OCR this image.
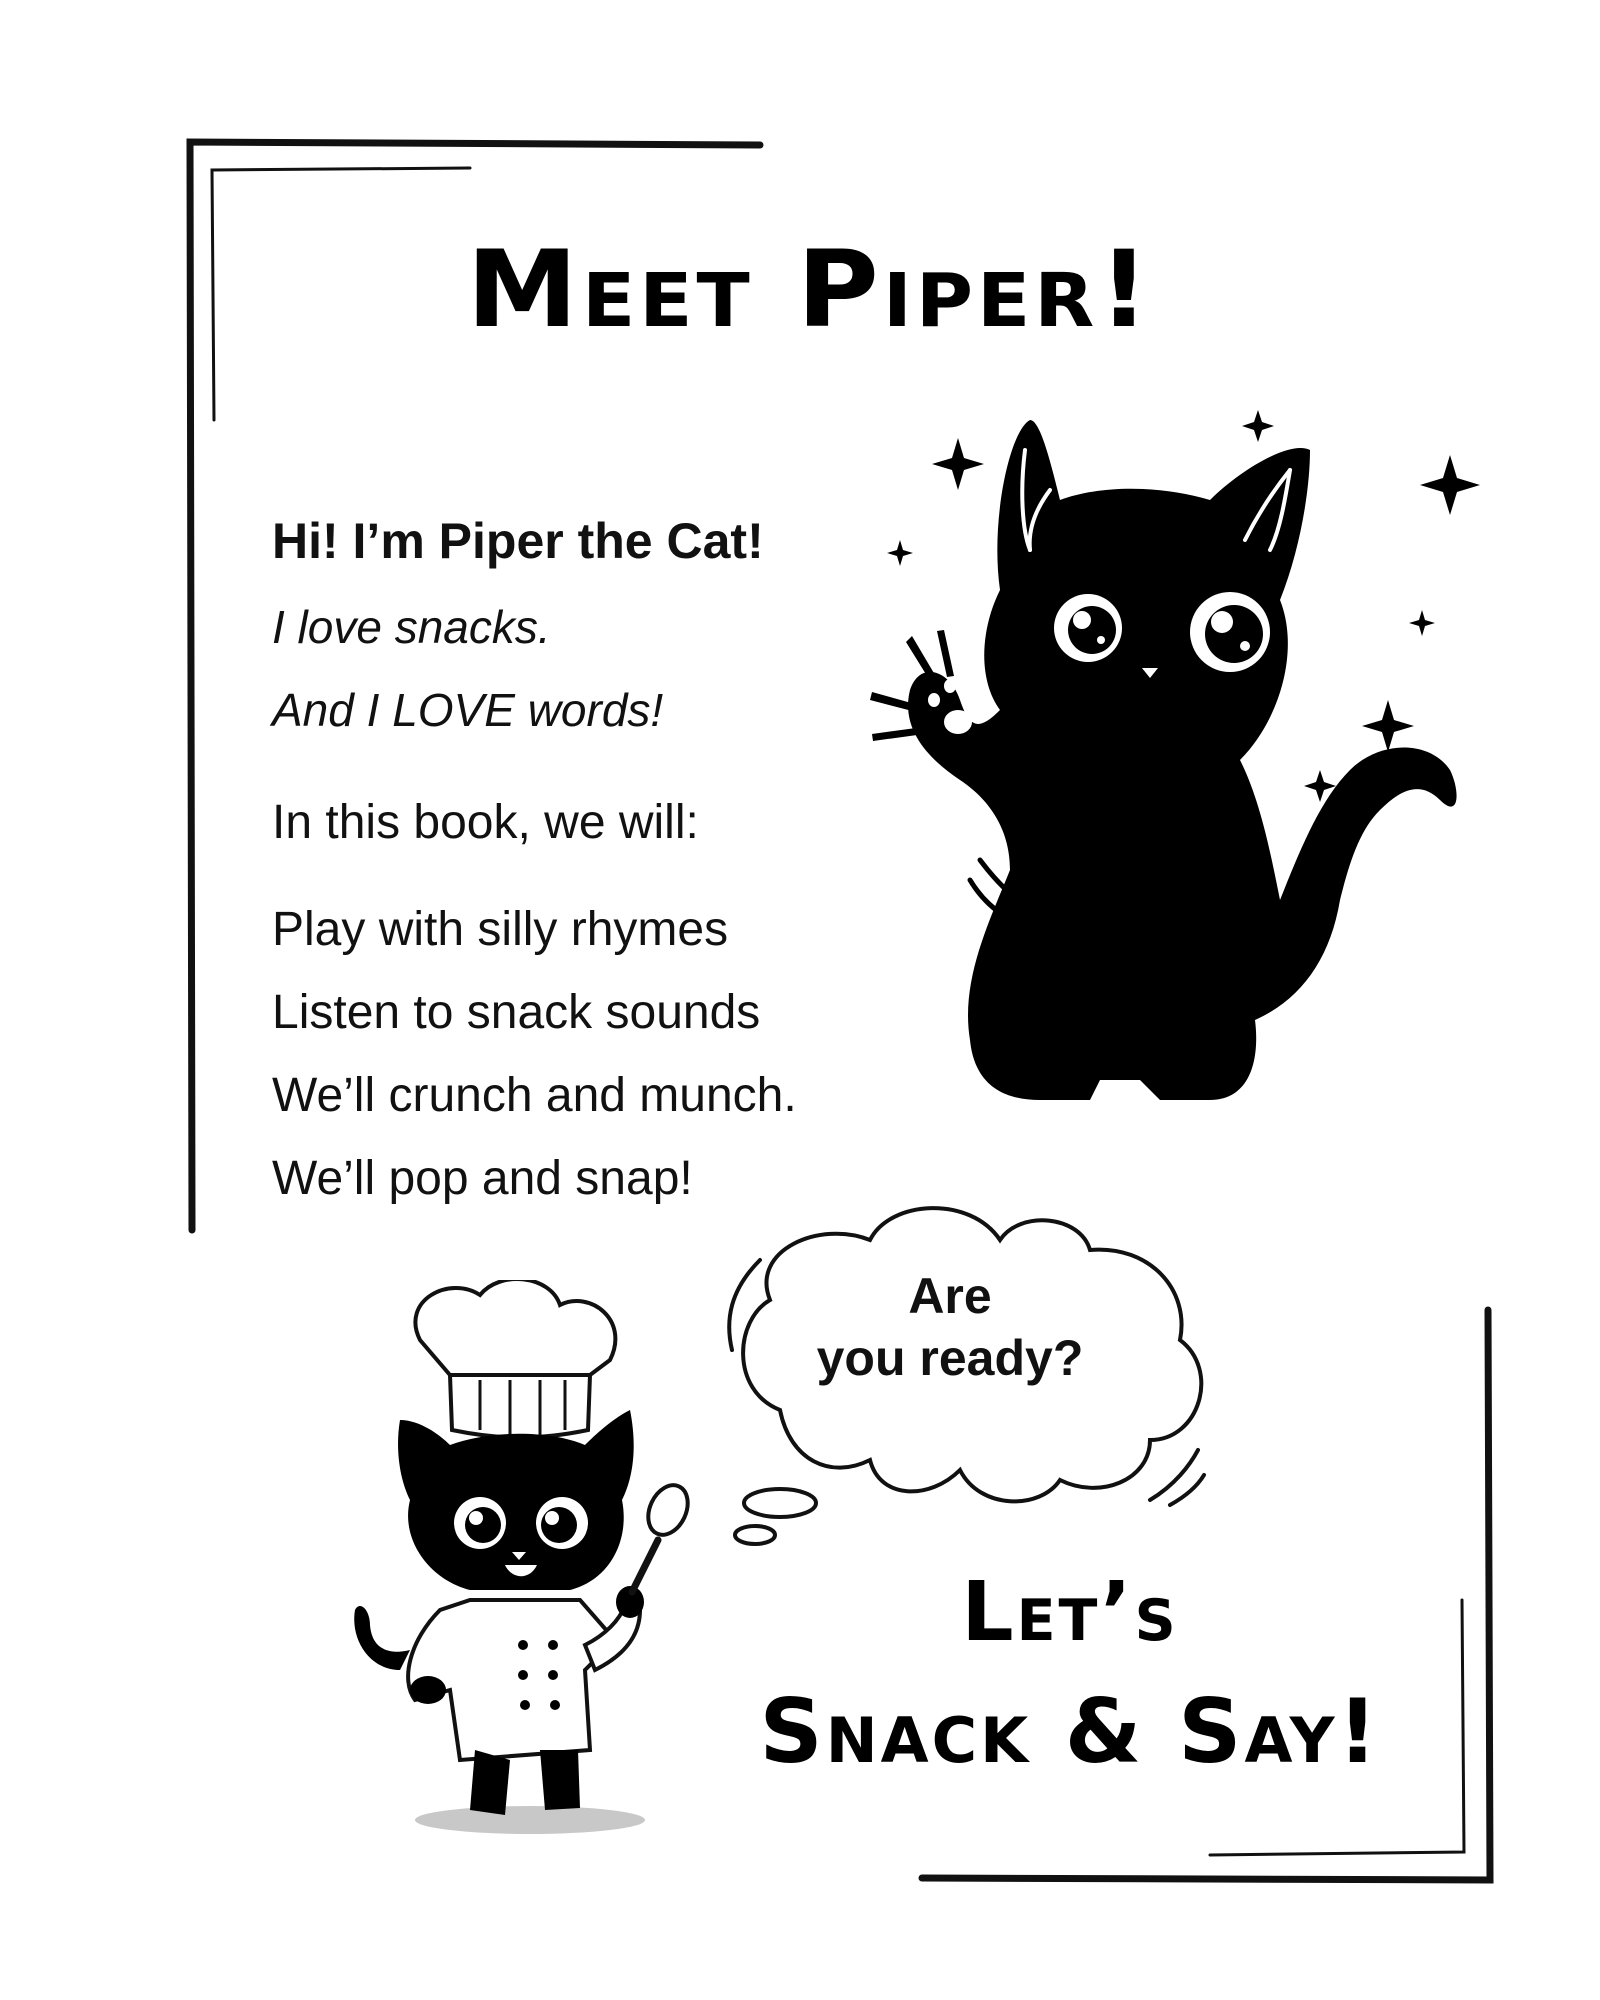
Meet Piper!
Hi! I’m Piper the Cat!
I love snacks.
And I LOVE words!
In this book, we will:
Play with silly rhymes
Listen to snack sounds
We’ll crunch and munch.
We’ll pop and snap!
Are
you ready?
Let’s
Snack & Say!
